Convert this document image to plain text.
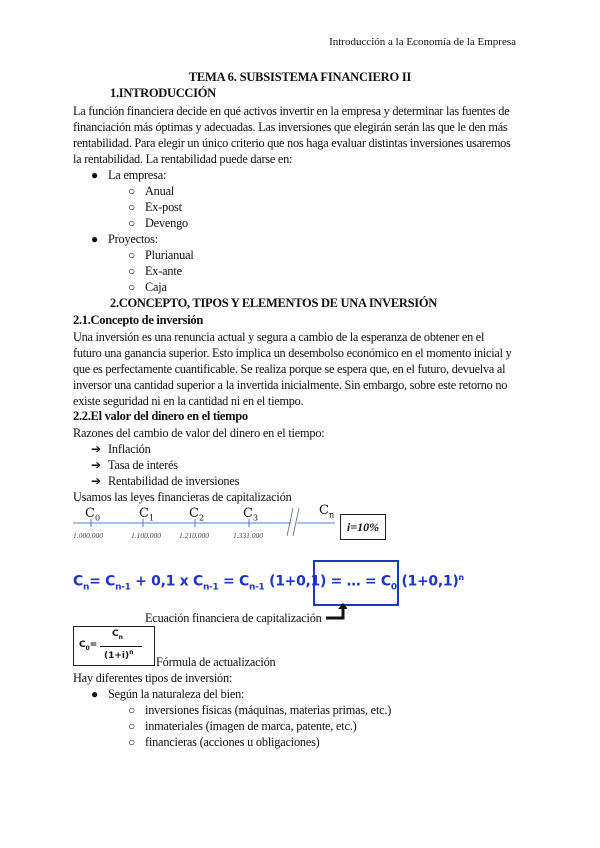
Introducción a la Economía de la Empresa
TEMA 6. SUBSISTEMA FINANCIERO II
1.INTRODUCCIÓN
La función financiera decide en qué activos invertir en la empresa y determinar las fuentes de
financiación más óptimas y adecuadas. Las inversiones que elegirán serán las que le den más
rentabilidad. Para elegir un único criterio que nos haga evaluar distintas inversiones usaremos
la rentabilidad. La rentabilidad puede darse en:
● La empresa:
○ Anual
○ Ex-post
○ Devengo
● Proyectos:
○ Plurianual
○ Ex-ante
○ Caja
2.CONCEPTO, TIPOS Y ELEMENTOS DE UNA INVERSIÓN
2.1.Concepto de inversión
Una inversión es una renuncia actual y segura a cambio de la esperanza de obtener en el
futuro una ganancia superior. Esto implica un desembolso económico en el momento inicial y
que es perfectamente cuantificable. Se realiza porque se espera que, en el futuro, devuelva al
inversor una cantidad superior a la invertida inicialmente. Sin embargo, sobre este retorno no
existe seguridad ni en la cantidad ni en el tiempo.
2.2.El valor del dinero en el tiempo
Razones del cambio de valor del dinero en el tiempo:
➔ Inflación
➔ Tasa de interés
➔ Rentabilidad de inversiones
Usamos las leyes financieras de capitalización
$C_0$	$C_1$	$C_2$	$C_3$
$C_n$
1.000.000	1.100.000 1.210.000	1.331.000
i=10%
$C_n= C_{n-1} + 0,1$ x $C_{n-1} = C_{n-1}$ (1+0,1) = … = $C_0$ $(1+0,1)^n$
Ecuación financiera de capitalización
$C_0=$
$C_n$
$(1+i)^n$
Fórmula de actualización
Hay diferentes tipos de inversión:
● Según la naturaleza del bien:
○ inversiones físicas (máquinas, materias primas, etc.)
○ inmateriales (imagen de marca, patente, etc.)
○ financieras (acciones u obligaciones)
